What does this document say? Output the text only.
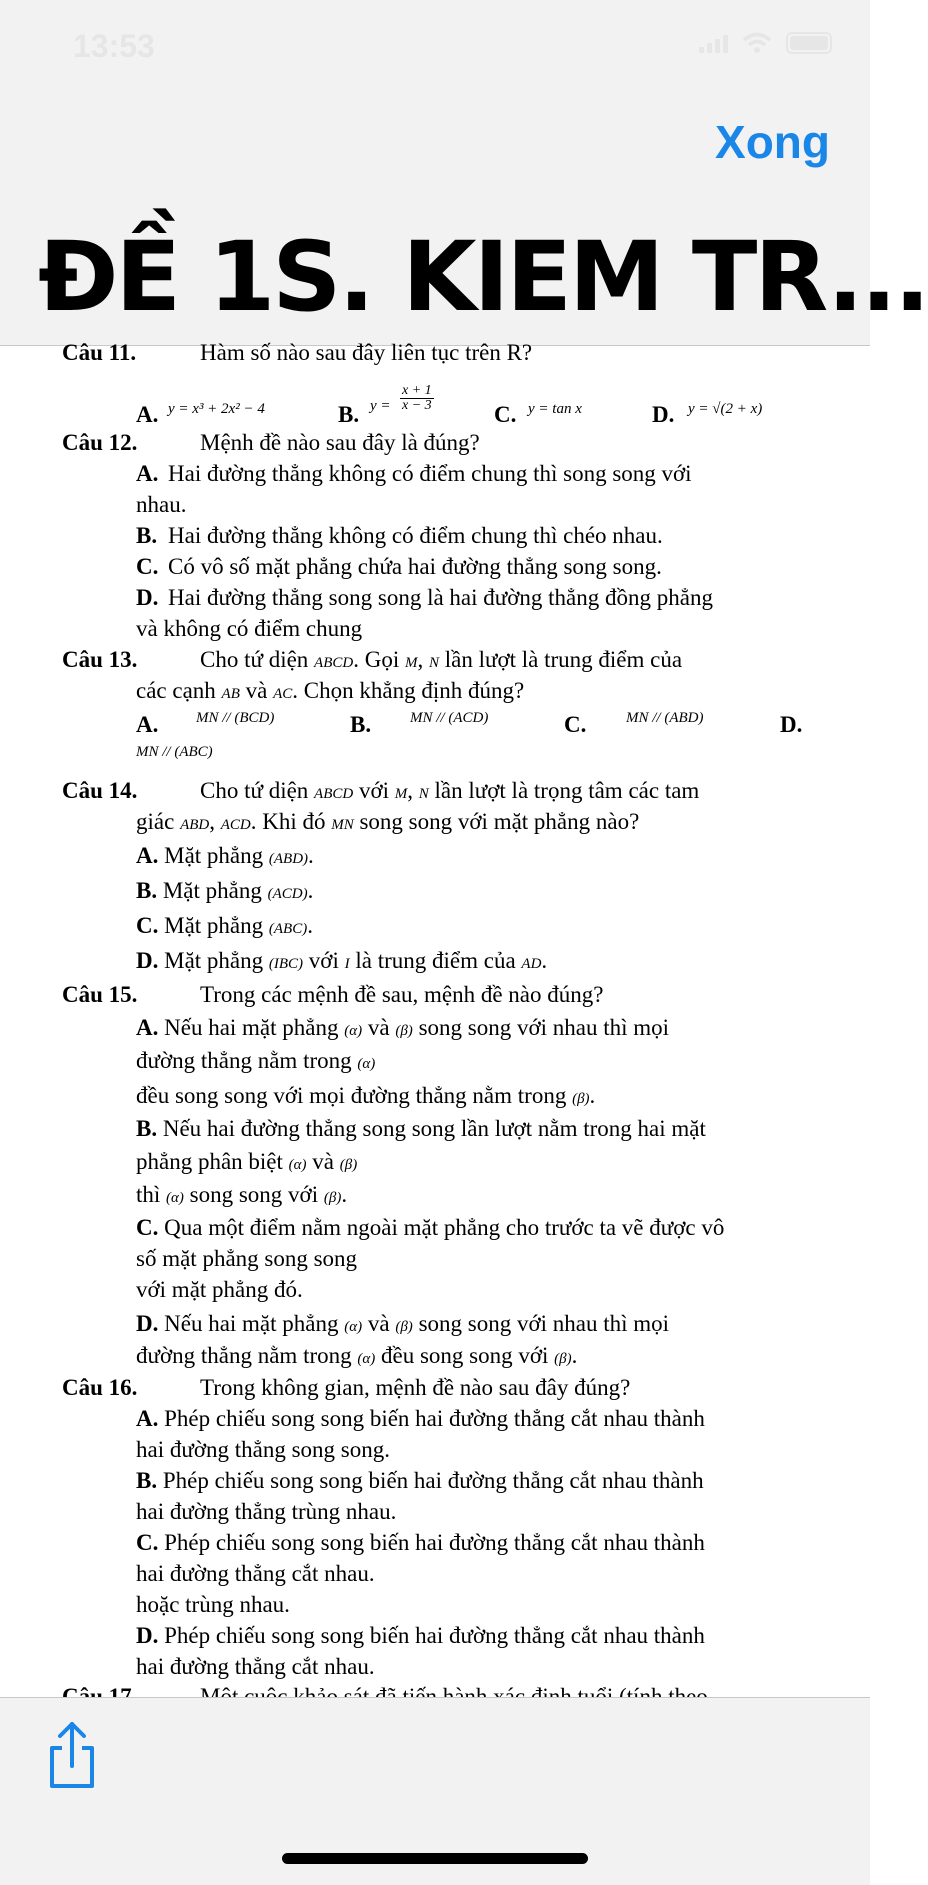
13:53
Xong
ĐỀ 1S. KIEM TR...
Câu 11.	Hàm số nào sau đây liên tục trên R?
A. y = x³ + 2x² − 4	B. $y = \frac{x + 1}{x - 3}$
C. y = tan x	D. y = √(2 + x)
Câu 12.	Mệnh đề nào sau đây là đúng?
A. Hai đường thẳng không có điểm chung thì song song với
nhau.
B. Hai đường thẳng không có điểm chung thì chéo nhau.
C. Có vô số mặt phẳng chứa hai đường thẳng song song.
D. Hai đường thẳng song song là hai đường thẳng đồng phẳng
và không có điểm chung
Câu 13.	Cho tứ diện ABCD. Gọi M, N lần lượt là trung điểm của
các cạnh AB và AC. Chọn khẳng định đúng?
A.	MN // (BCD)	B.	MN // (ACD)	C.	MN // (ABD)	D.
MN // (ABC)
Câu 14.	Cho tứ diện ABCD với M, N lần lượt là trọng tâm các tam
giác ABD, ACD. Khi đó MN song song với mặt phẳng nào?
A. Mặt phẳng (ABD).
B. Mặt phẳng (ACD).
C. Mặt phẳng (ABC).
D. Mặt phẳng (IBC) với I là trung điểm của AD.
Câu 15.	Trong các mệnh đề sau, mệnh đề nào đúng?
A. Nếu hai mặt phẳng (α) và (β) song song với nhau thì mọi
đường thẳng nằm trong (α)
đều song song với mọi đường thẳng nằm trong (β).
B. Nếu hai đường thẳng song song lần lượt nằm trong hai mặt
phẳng phân biệt (α) và (β)
thì (α) song song với (β).
C. Qua một điểm nằm ngoài mặt phẳng cho trước ta vẽ được vô
số mặt phẳng song song
với mặt phẳng đó.
D. Nếu hai mặt phẳng (α) và (β) song song với nhau thì mọi
đường thẳng nằm trong (α) đều song song với (β).
Câu 16.	Trong không gian, mệnh đề nào sau đây đúng?
A. Phép chiếu song song biến hai đường thẳng cắt nhau thành
hai đường thẳng song song.
B. Phép chiếu song song biến hai đường thẳng cắt nhau thành
hai đường thẳng trùng nhau.
C. Phép chiếu song song biến hai đường thẳng cắt nhau thành
hai đường thẳng cắt nhau.
hoặc trùng nhau.
D. Phép chiếu song song biến hai đường thẳng cắt nhau thành
hai đường thẳng cắt nhau.
